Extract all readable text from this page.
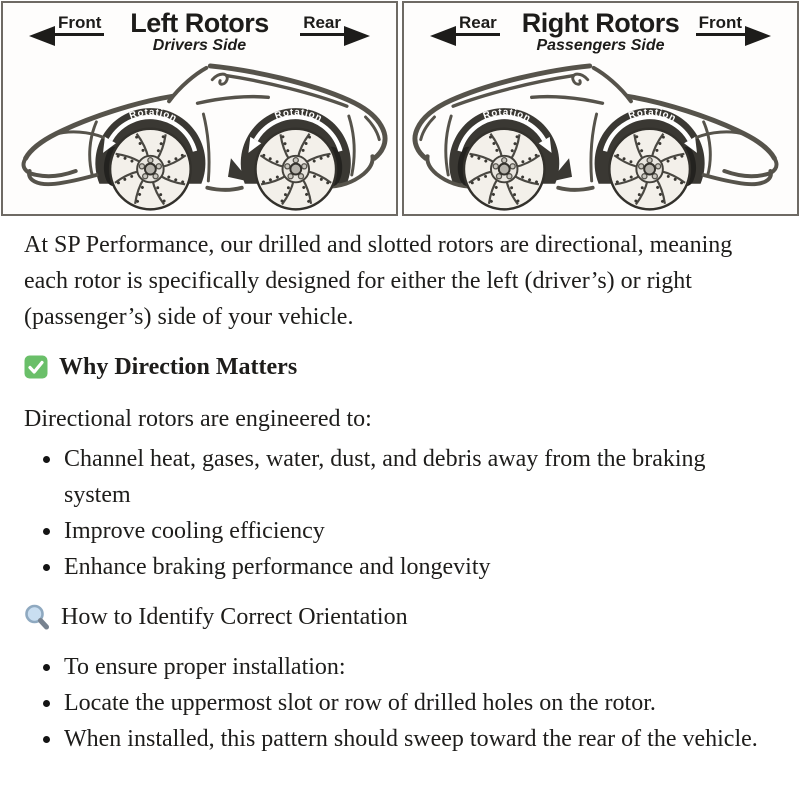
Front	Left Rotors
Drivers Side
Rear
Rotation	Rotation
Rear Right Rotors
Passengers Side
Front
Rotation	Rotation

At SP Performance, our drilled and slotted rotors are directional, meaning each rotor is specifically designed for either the left (driver’s) or right (passenger’s) side of your vehicle.

Why Direction Matters

Directional rotors are engineered to:

Channel heat, gases, water, dust, and debris away from the braking system
Improve cooling efficiency
Enhance braking performance and longevity
How to Identify Correct Orientation
To ensure proper installation:
Locate the uppermost slot or row of drilled holes on the rotor.
When installed, this pattern should sweep toward the rear of the vehicle.
